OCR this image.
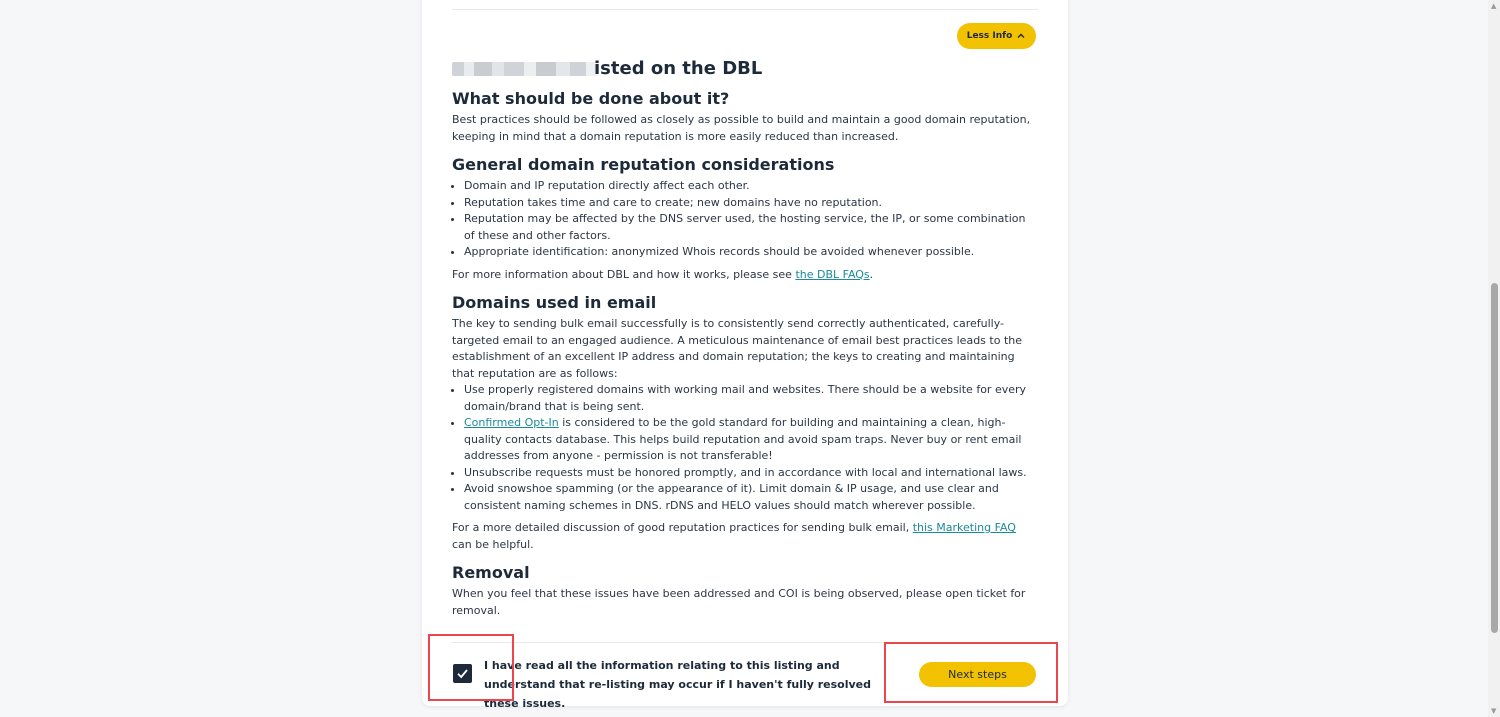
Less Info
isted on the DBL
What should be done about it?

Best practices should be followed as closely as possible to build and maintain a good domain reputation, keeping in mind that a domain reputation is more easily reduced than increased.

General domain reputation considerations
• Domain and IP reputation directly affect each other.
• Reputation takes time and care to create; new domains have no reputation.
• Reputation may be affected by the DNS server used, the hosting service, the IP, or some combination of these and other factors.
• Appropriate identification: anonymized Whois records should be avoided whenever possible.

For more information about DBL and how it works, please see the DBL FAQs.

Domains used in email

The key to sending bulk email successfully is to consistently send correctly authenticated, carefully-targeted email to an engaged audience. A meticulous maintenance of email best practices leads to the establishment of an excellent IP address and domain reputation; the keys to creating and maintaining that reputation are as follows:

• Use properly registered domains with working mail and websites. There should be a website for every domain/brand that is being sent.
• Confirmed Opt-In is considered to be the gold standard for building and maintaining a clean, high-quality contacts database. This helps build reputation and avoid spam traps. Never buy or rent email addresses from anyone - permission is not transferable!
• Unsubscribe requests must be honored promptly, and in accordance with local and international laws.
• Avoid snowshoe spamming (or the appearance of it). Limit domain & IP usage, and use clear and consistent naming schemes in DNS. rDNS and HELO values should match wherever possible.

For a more detailed discussion of good reputation practices for sending bulk email, this Marketing FAQ can be helpful.

Removal

When you feel that these issues have been addressed and COI is being observed, please open ticket for removal.

I have read all the information relating to this listing and understand that re-listing may occur if I haven't fully resolved these issues.
Next steps
▲
▼
